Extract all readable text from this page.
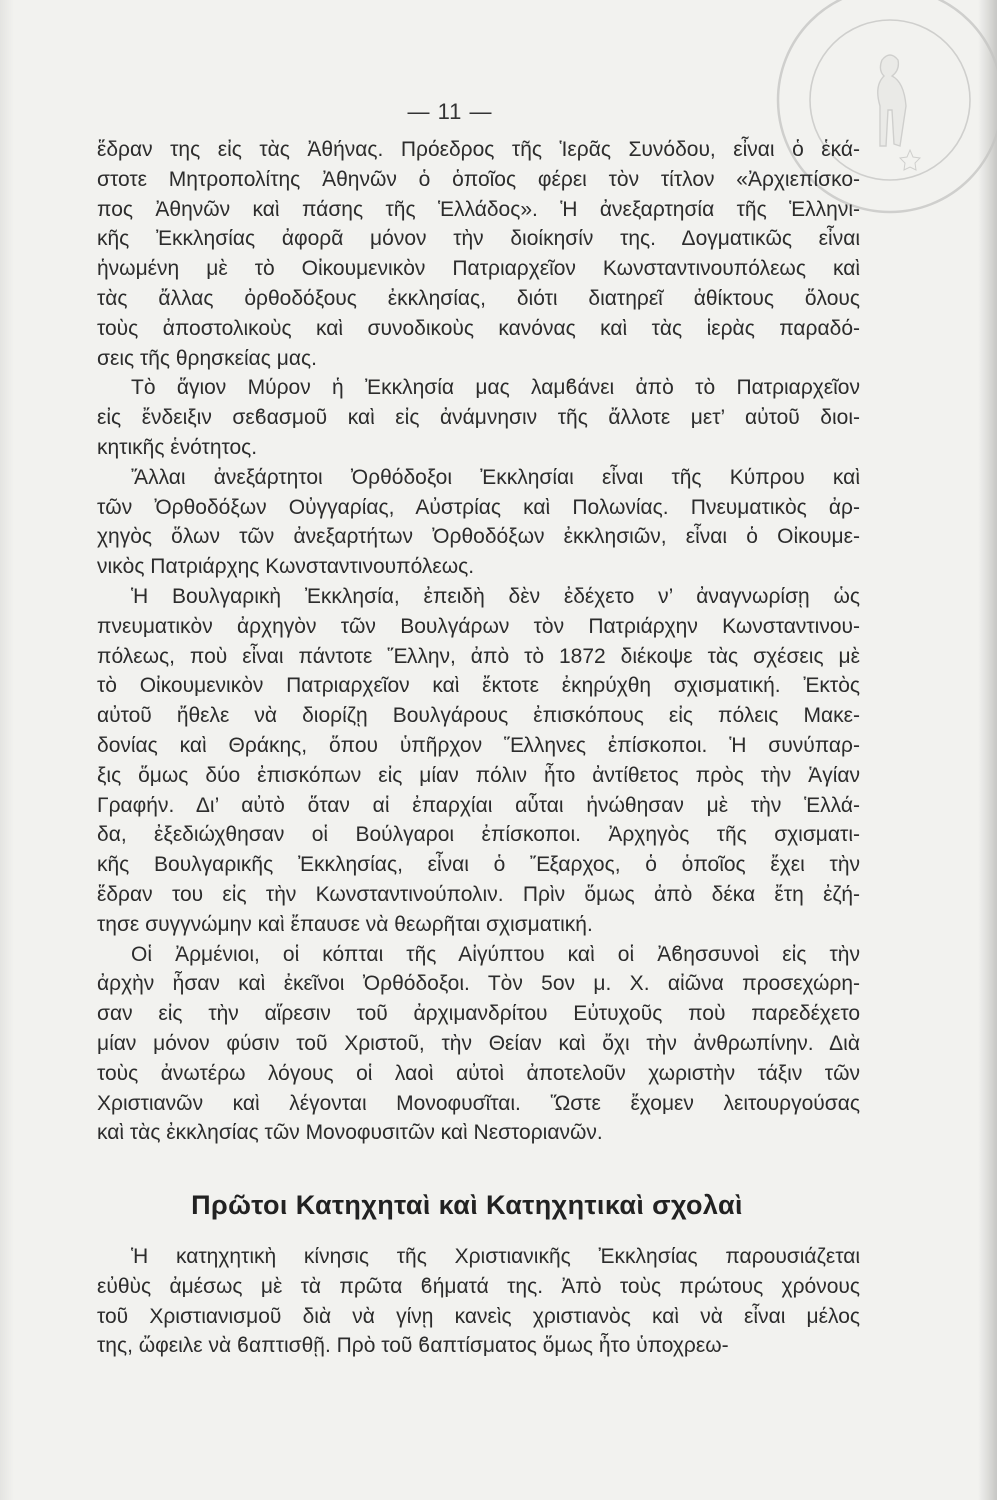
— 11 —
ἕδραν της εἰς τὰς Ἀθήνας. Πρόεδρος τῆς Ἱερᾶς Συνόδου, εἶναι ὁ ἑκά-
στοτε Μητροπολίτης Ἀθηνῶν ὁ ὁποῖος φέρει τὸν τίτλον «Ἀρχιεπίσκο-
πος Ἀθηνῶν καὶ πάσης τῆς Ἑλλάδος». Ἡ ἀνεξαρτησία τῆς Ἑλληνι-
κῆς Ἐκκλησίας ἀφορᾶ μόνον τὴν διοίκησίν της. Δογματικῶς εἶναι
ἡνωμένη μὲ τὸ Οἰκουμενικὸν Πατριαρχεῖον Κωνσταντινουπόλεως καὶ
τὰς ἄλλας ὀρθοδόξους ἐκκλησίας, διότι διατηρεῖ ἀθίκτους ὅλους
τοὺς ἀποστολικοὺς καὶ συνοδικοὺς κανόνας καὶ τὰς ἱερὰς παραδό-
σεις τῆς θρησκείας μας.
Τὸ ἅγιον Μύρον ἡ Ἐκκλησία μας λαμϐάνει ἀπὸ τὸ Πατριαρχεῖον
εἰς ἔνδειξιν σεϐασμοῦ καὶ εἰς ἀνάμνησιν τῆς ἄλλοτε μετ’ αὐτοῦ διοι-
κητικῆς ἑνότητος.
Ἄλλαι ἀνεξάρτητοι Ὀρθόδοξοι Ἐκκλησίαι εἶναι τῆς Κύπρου καὶ
τῶν Ὀρθοδόξων Οὐγγαρίας, Αὐστρίας καὶ Πολωνίας. Πνευματικὸς ἀρ-
χηγὸς ὅλων τῶν ἀνεξαρτήτων Ὀρθοδόξων ἐκκλησιῶν, εἶναι ὁ Οἰκουμε-
νικὸς Πατριάρχης Κωνσταντινουπόλεως.
Ἡ Βουλγαρικὴ Ἐκκλησία, ἐπειδὴ δὲν ἐδέχετο ν’ ἀναγνωρίσῃ ὡς
πνευματικὸν ἀρχηγὸν τῶν Βουλγάρων τὸν Πατριάρχην Κωνσταντινου-
πόλεως, ποὺ εἶναι πάντοτε Ἕλλην, ἀπὸ τὸ 1872 διέκοψε τὰς σχέσεις μὲ
τὸ Οἰκουμενικὸν Πατριαρχεῖον καὶ ἔκτοτε ἐκηρύχθη σχισματική. Ἐκτὸς
αὐτοῦ ἤθελε νὰ διορίζῃ Βουλγάρους ἐπισκόπους εἰς πόλεις Μακε-
δονίας καὶ Θράκης, ὅπου ὑπῆρχον Ἕλληνες ἐπίσκοποι. Ἡ συνύπαρ-
ξις ὅμως δύο ἐπισκόπων εἰς μίαν πόλιν ἦτο ἀντίθετος πρὸς τὴν Ἁγίαν
Γραφήν. Δι’ αὐτὸ ὅταν αἱ ἐπαρχίαι αὗται ἡνώθησαν μὲ τὴν Ἑλλά-
δα, ἐξεδιώχθησαν οἱ Βούλγαροι ἐπίσκοποι. Ἀρχηγὸς τῆς σχισματι-
κῆς Βουλγαρικῆς Ἐκκλησίας, εἶναι ὁ Ἔξαρχος, ὁ ὁποῖος ἔχει τὴν
ἕδραν του εἰς τὴν Κωνσταντινούπολιν. Πρὶν ὅμως ἀπὸ δέκα ἔτη ἐζή-
τησε συγγνώμην καὶ ἔπαυσε νὰ θεωρῆται σχισματική.
Οἱ Ἀρμένιοι, οἱ κόπται τῆς Αἰγύπτου καὶ οἱ Ἀϐησσυνοὶ εἰς τὴν
ἀρχὴν ἦσαν καὶ ἐκεῖνοι Ὀρθόδοξοι. Τὸν 5ον μ. Χ. αἰῶνα προσεχώρη-
σαν εἰς τὴν αἵρεσιν τοῦ ἀρχιμανδρίτου Εὐτυχοῦς ποὺ παρεδέχετο
μίαν μόνον φύσιν τοῦ Χριστοῦ, τὴν Θείαν καὶ ὄχι τὴν ἀνθρωπίνην. Διὰ
τοὺς ἀνωτέρω λόγους οἱ λαοὶ αὐτοὶ ἀποτελοῦν χωριστὴν τάξιν τῶν
Χριστιανῶν καὶ λέγονται Μονοφυσῖται. Ὥστε ἔχομεν λειτουργούσας
καὶ τὰς ἐκκλησίας τῶν Μονοφυσιτῶν καὶ Νεστοριανῶν.
Πρῶτοι Κατηχηταὶ καὶ Κατηχητικαὶ σχολαὶ
Ἡ κατηχητικὴ κίνησις τῆς Χριστιανικῆς Ἐκκλησίας παρουσιάζεται
εὐθὺς ἀμέσως μὲ τὰ πρῶτα ϐήματά της. Ἀπὸ τοὺς πρώτους χρόνους
τοῦ Χριστιανισμοῦ διὰ νὰ γίνῃ κανεὶς χριστιανὸς καὶ νὰ εἶναι μέλος
της, ὤφειλε νὰ ϐαπτισθῇ. Πρὸ τοῦ ϐαπτίσματος ὅμως ἦτο ὑποχρεω-
